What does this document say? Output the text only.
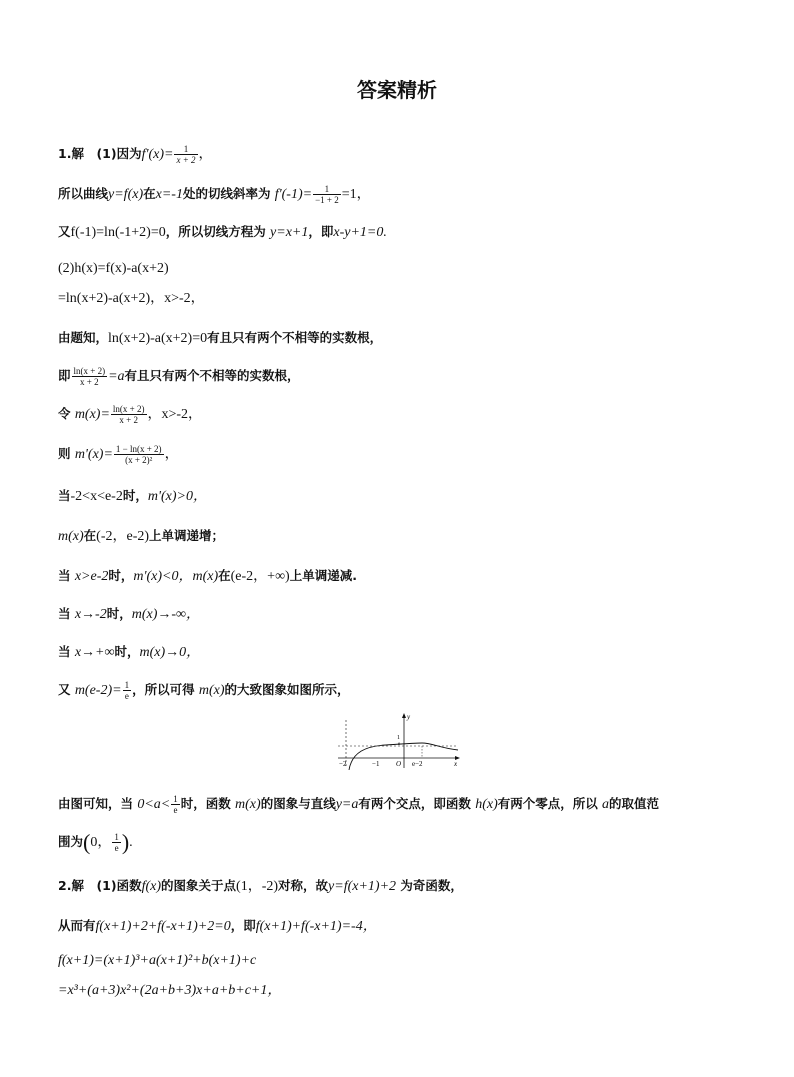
答案精析
1.解　(1)因为$f'(x)= \frac{1}{x + 2}$ ，
所以曲线y=f(x)在x=-1处的切线斜率为 $f'(-1)= \frac{1}{-1 + 2} =1$，
又f(-1)=ln(-1+2)=0，所以切线方程为 y=x+1，即x-y+1=0.
(2)h(x)=f(x)-a(x+2)
=ln(x+2)-a(x+2)，x>-2，
由题知，ln(x+2)-a(x+2)=0有且只有两个不相等的实数根，
即 $\frac{\ln(x + 2)}{x + 2} =a$有且只有两个不相等的实数根，
令 $m(x)= \frac{\ln(x + 2)}{x + 2}$ ，x>-2，
则 $m'(x)= \frac{1 - \ln(x + 2)}{\text{(x + 2)²}}$ ，
当-2<x<e-2时，m'(x)>0，
m(x)在(-2，e-2)上单调递增；
当 x>e-2时，m'(x)<0，m(x)在(e-2，+∞)上单调递减.
当 x→-2时，m(x)→-∞，
当 x→+∞时，m(x)→0，
又 $m(e-2)= \frac{1}{e}$ ，所以可得 m(x)的大致图象如图所示，
y
x
O
−2	−1	e−2
1
e
由图可知，当 $0<a< \frac{1}{e}$ 时，函数 m(x)的图象与直线y=a有两个交点，即函数 h(x)有两个零点，所以 a的取值范
围为(0， $\frac{1}{e}$ ).
2.解　(1)函数f(x)的图象关于点(1，-2)对称，故y=f(x+1)+2 为奇函数，
从而有f(x+1)+2+f(-x+1)+2=0，即f(x+1)+f(-x+1)=-4，
f(x+1)=(x+1)³+a(x+1)²+b(x+1)+c
=x³+(a+3)x²+(2a+b+3)x+a+b+c+1，
